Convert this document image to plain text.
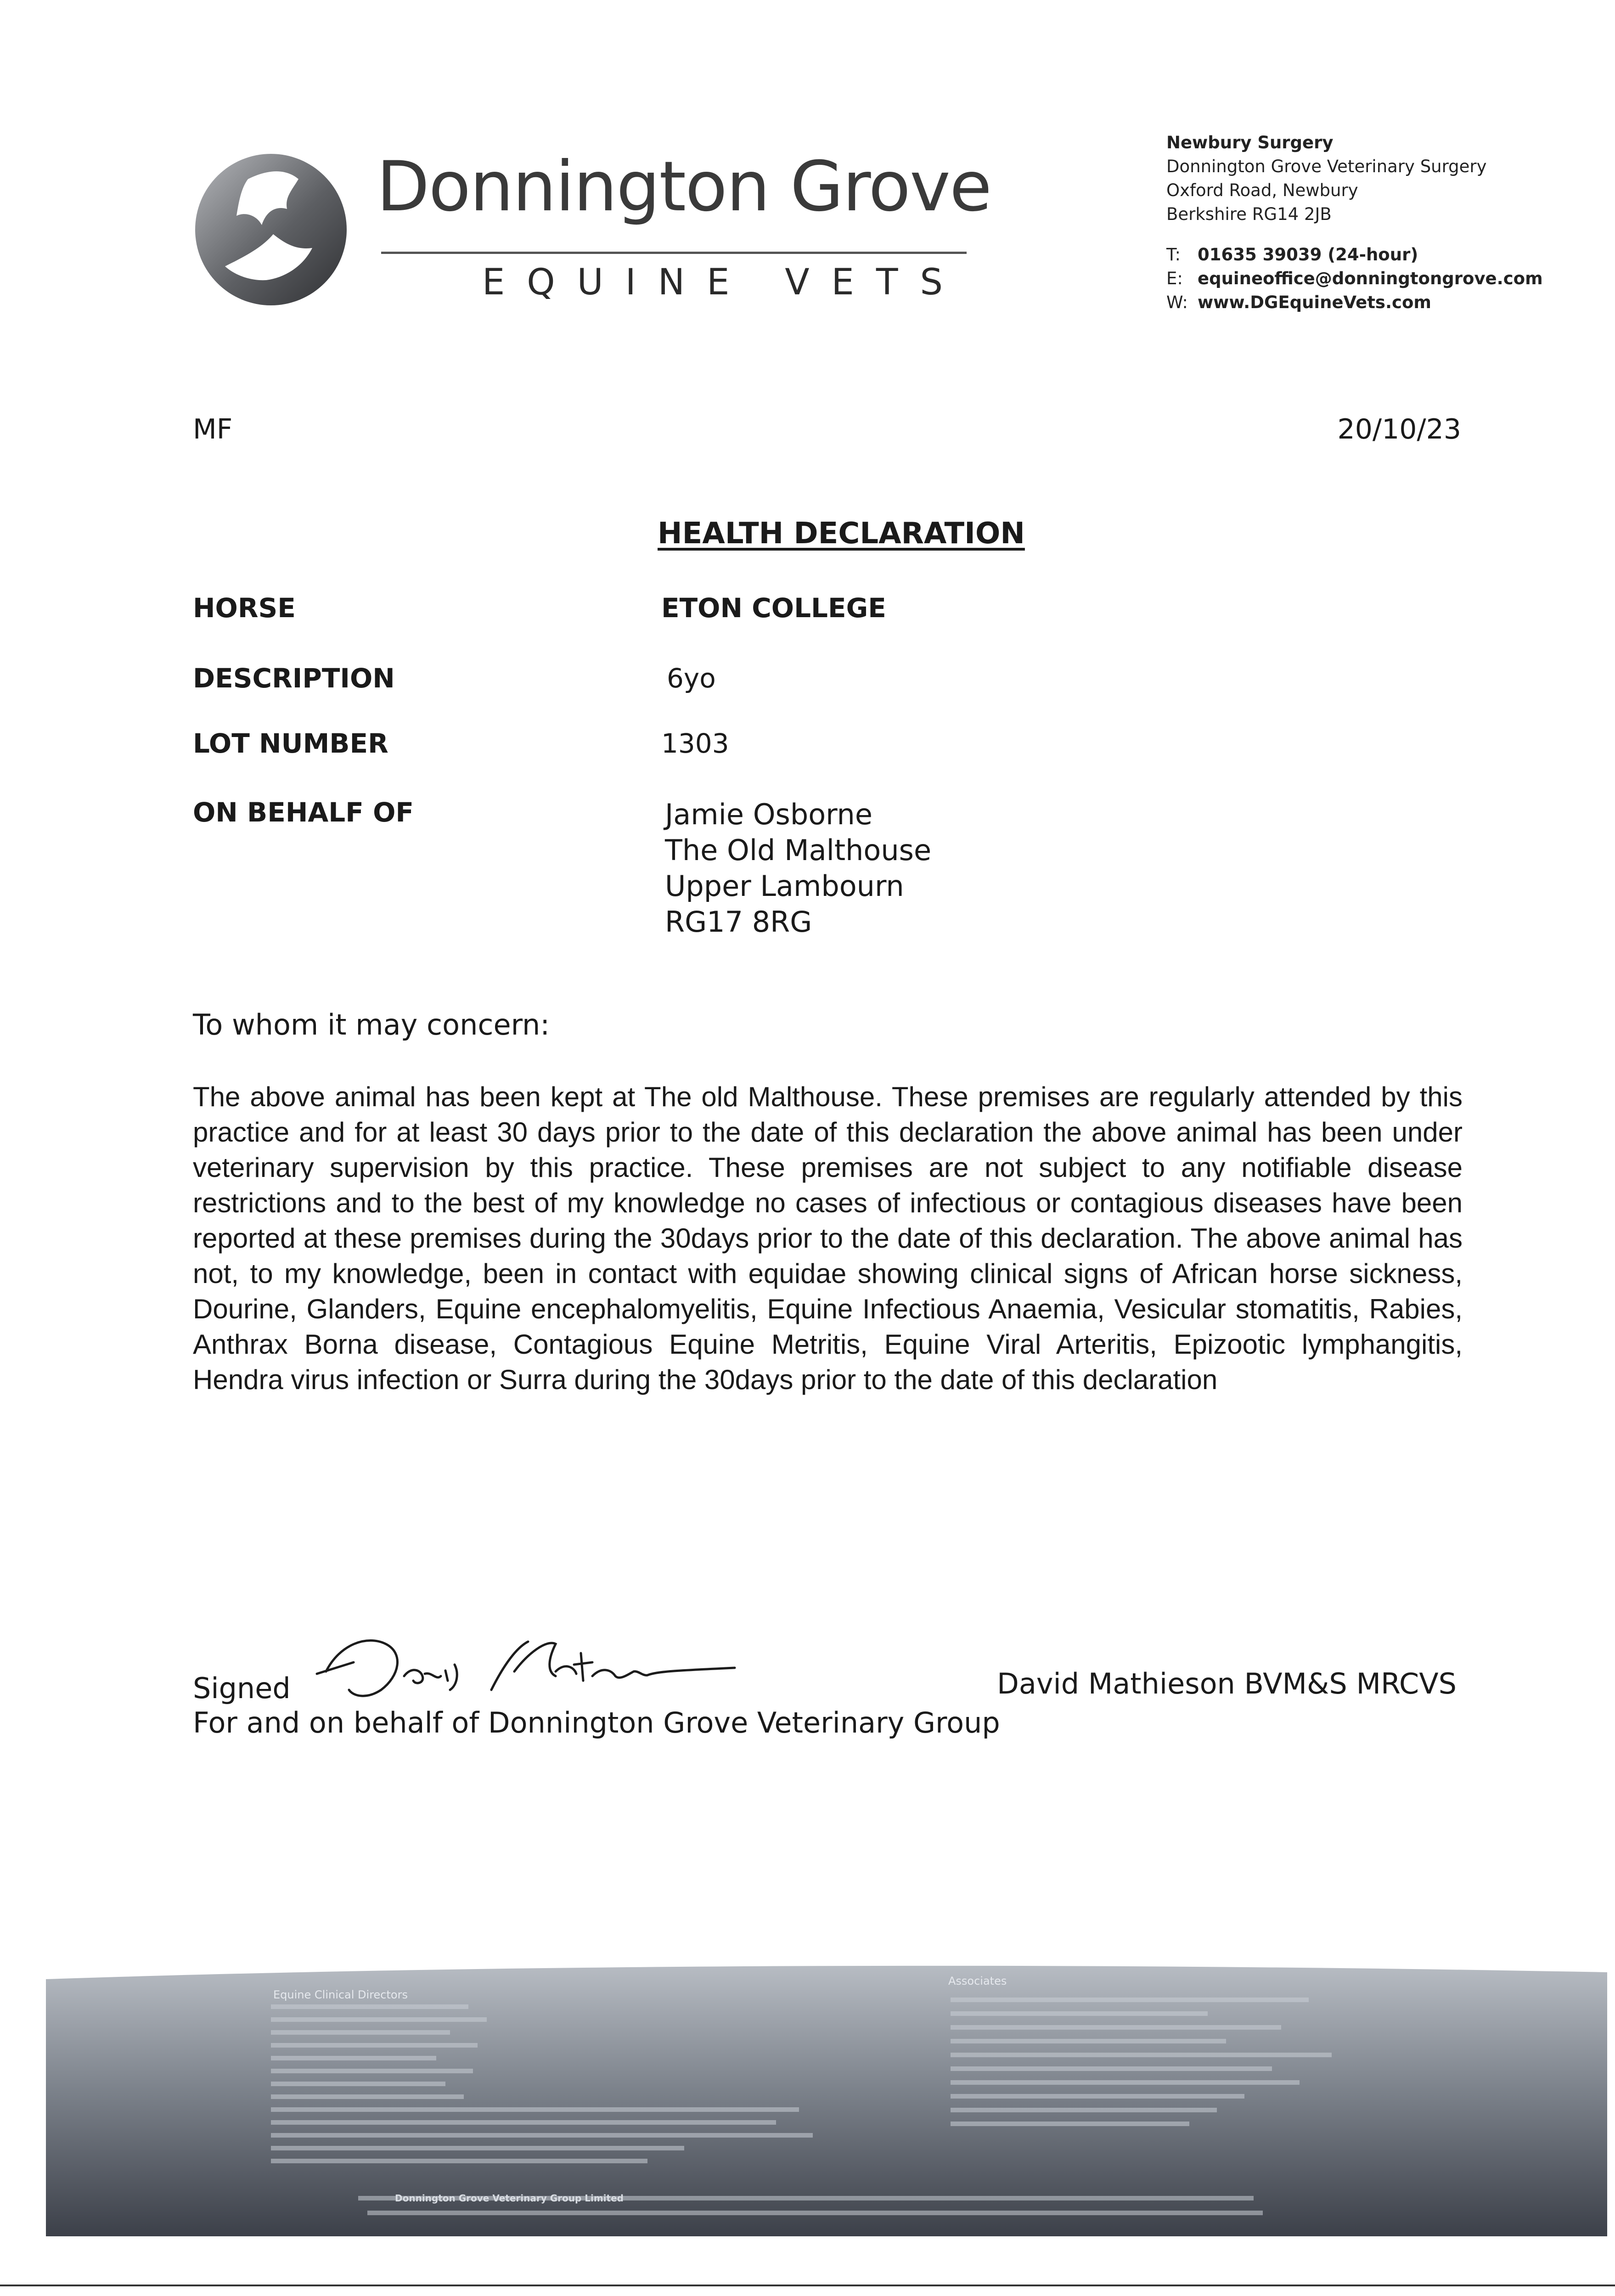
Donnington Grove
EQUINE VETS
Newbury Surgery
Donnington Grove Veterinary Surgery
Oxford Road, Newbury
Berkshire RG14 2JB
T: 01635 39039 (24-hour)
E: equineoffice@donningtongrove.com
W: www.DGEquineVets.com
MF	20/10/23
HEALTH DECLARATION
HORSE	ETON COLLEGE
DESCRIPTION	6yo
LOT NUMBER	1303
ON BEHALF OF	Jamie Osborne
The Old Malthouse
Upper Lambourn
RG17 8RG
To whom it may concern:
The above animal has been kept at The old Malthouse. These premises are regularly attended by this practice and for at least 30 days prior to the date of this declaration the above animal has been under veterinary supervision by this practice. These premises are not subject to any notifiable disease restrictions and to the best of my knowledge no cases of infectious or contagious diseases have been reported at these premises during the 30days prior to the date of this declaration. The above animal has not, to my knowledge, been in contact with equidae showing clinical signs of African horse sickness, Dourine, Glanders, Equine encephalomyelitis, Equine Infectious Anaemia, Vesicular stomatitis, Rabies, Anthrax Borna disease, Contagious Equine Metritis, Equine Viral Arteritis, Epizootic lymphangitis, Hendra virus infection or Surra during the 30days prior to the date of this declaration
Signed	David Mathieson BVM&S MRCVS
For and on behalf of Donnington Grove Veterinary Group
Equine Clinical Directors
Associates
Donnington Grove Veterinary Group Limited
